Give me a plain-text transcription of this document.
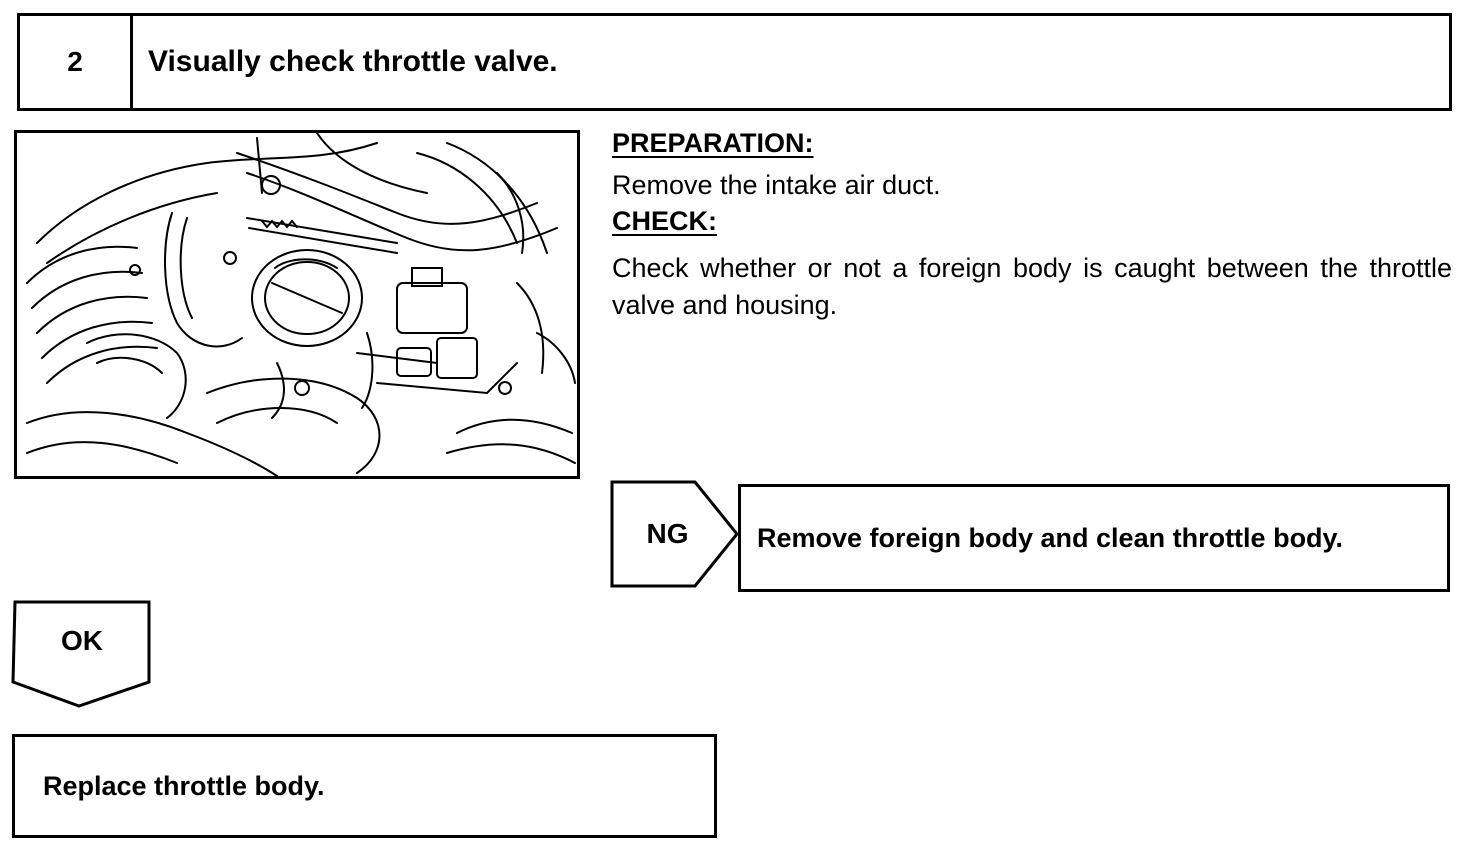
2	Visually check throttle valve.
PREPARATION:
Remove the intake air duct.
CHECK:
Check whether or not a foreign body is caught between the throttle valve and housing.
NG	Remove foreign body and clean throttle body.
OK
Replace throttle body.
